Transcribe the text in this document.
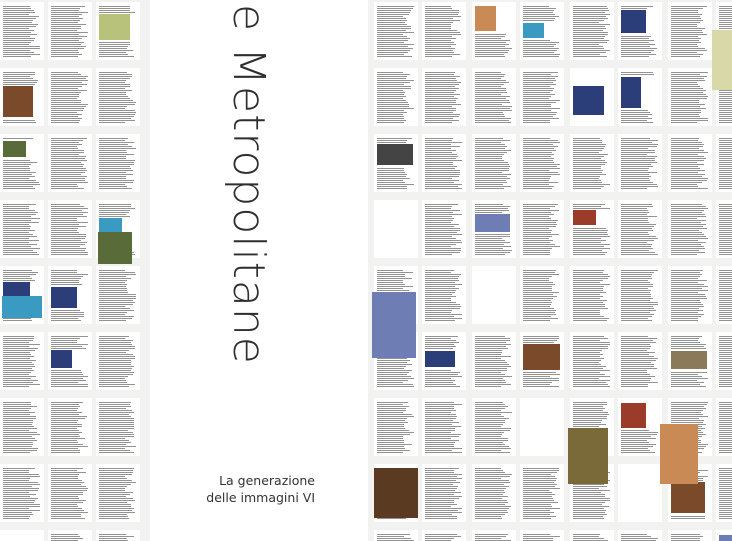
e Metropolitane
La generazione
delle immagini VI
